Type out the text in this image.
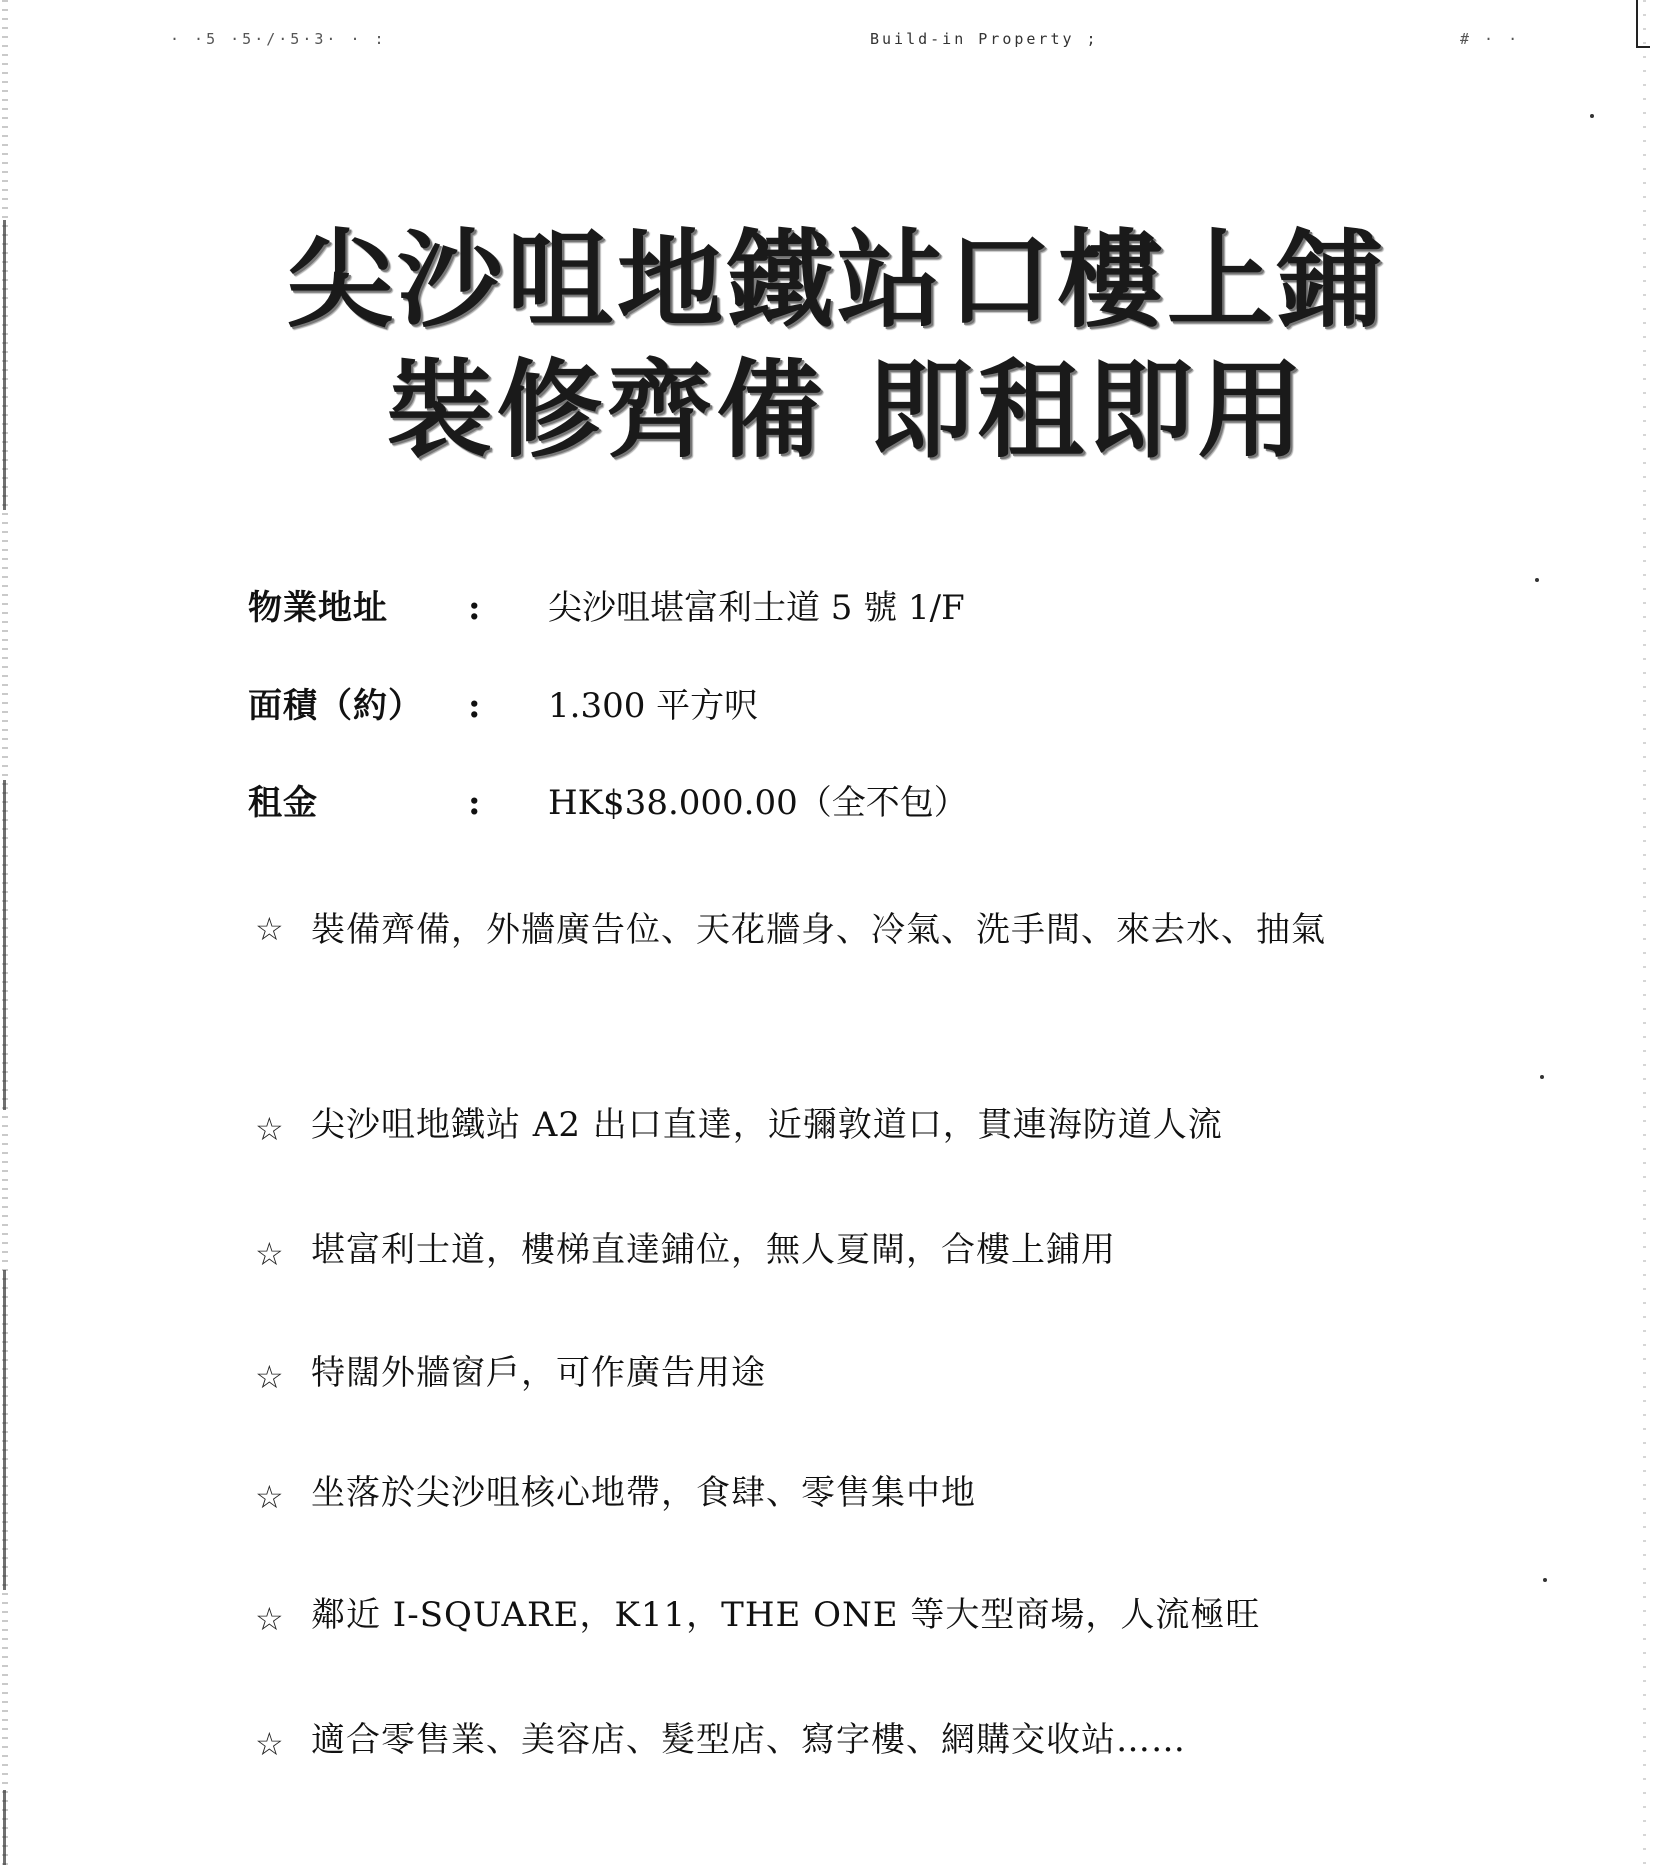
· ·5 ·5·/·5·3· · :	Build-in Property ;	# · ·
尖沙咀地鐵站口樓上鋪
裝修齊備 即租即用
物業地址 : 尖沙咀堪富利士道 5 號 1/F
面積（約） : 1.300 平方呎
租金	: HK$38.000.00（全不包）
☆ 裝備齊備，外牆廣告位、天花牆身、冷氣、洗手間、來去水、抽氣
☆ 尖沙咀地鐵站 A2 出口直達，近彌敦道口，貫連海防道人流
☆ 堪富利士道，樓梯直達鋪位，無人夏閘，合樓上鋪用
☆ 特闊外牆窗戶，可作廣告用途
☆ 坐落於尖沙咀核心地帶，食肆、零售集中地
☆ 鄰近 I-SQUARE，K11，THE ONE 等大型商場，人流極旺
☆ 適合零售業、美容店、髮型店、寫字樓、網購交收站……
